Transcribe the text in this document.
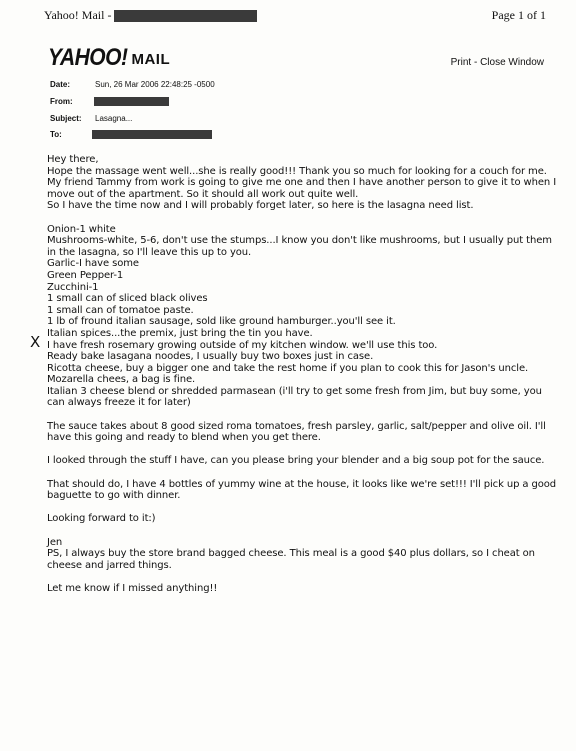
Yahoo! Mail -	Page 1 of 1
YAHOO! MAIL	Print - Close Window
Date:	Sun, 26 Mar 2006 22:48:25 -0500
From:
Subject: Lasagna...
To:
X

Hey there,

Hope the massage went well...she is really good!!! Thank you so much for looking for a couch for me. My friend Tammy from work is going to give me one and then I have another person to give it to when I move out of the apartment. So it should all work out quite well.

So I have the time now and I will probably forget later, so here is the lasagna need list.

Onion-1 white

Mushrooms-white, 5-6, don't use the stumps...I know you don't like mushrooms, but I usually put them in the lasagna, so I'll leave this up to you.

Garlic-I have some

Green Pepper-1

Zucchini-1

1 small can of sliced black olives

1 small can of tomatoe paste.

1 lb of fround italian sausage, sold like ground hamburger..you'll see it.

Italian spices...the premix, just bring the tin you have.

I have fresh rosemary growing outside of my kitchen window. we'll use this too.

Ready bake lasagana noodes, I usually buy two boxes just in case.

Ricotta cheese, buy a bigger one and take the rest home if you plan to cook this for Jason's uncle.

Mozarella chees, a bag is fine.

Italian 3 cheese blend or shredded parmasean (i'll try to get some fresh from Jim, but buy some, you can always freeze it for later)

The sauce takes about 8 good sized roma tomatoes, fresh parsley, garlic, salt/pepper and olive oil. I'll have this going and ready to blend when you get there.

I looked through the stuff I have, can you please bring your blender and a big soup pot for the sauce.

That should do, I have 4 bottles of yummy wine at the house, it looks like we're set!!! I'll pick up a good baguette to go with dinner.

Looking forward to it:)

Jen

PS, I always buy the store brand bagged cheese. This meal is a good $40 plus dollars, so I cheat on cheese and jarred things.

Let me know if I missed anything!!
